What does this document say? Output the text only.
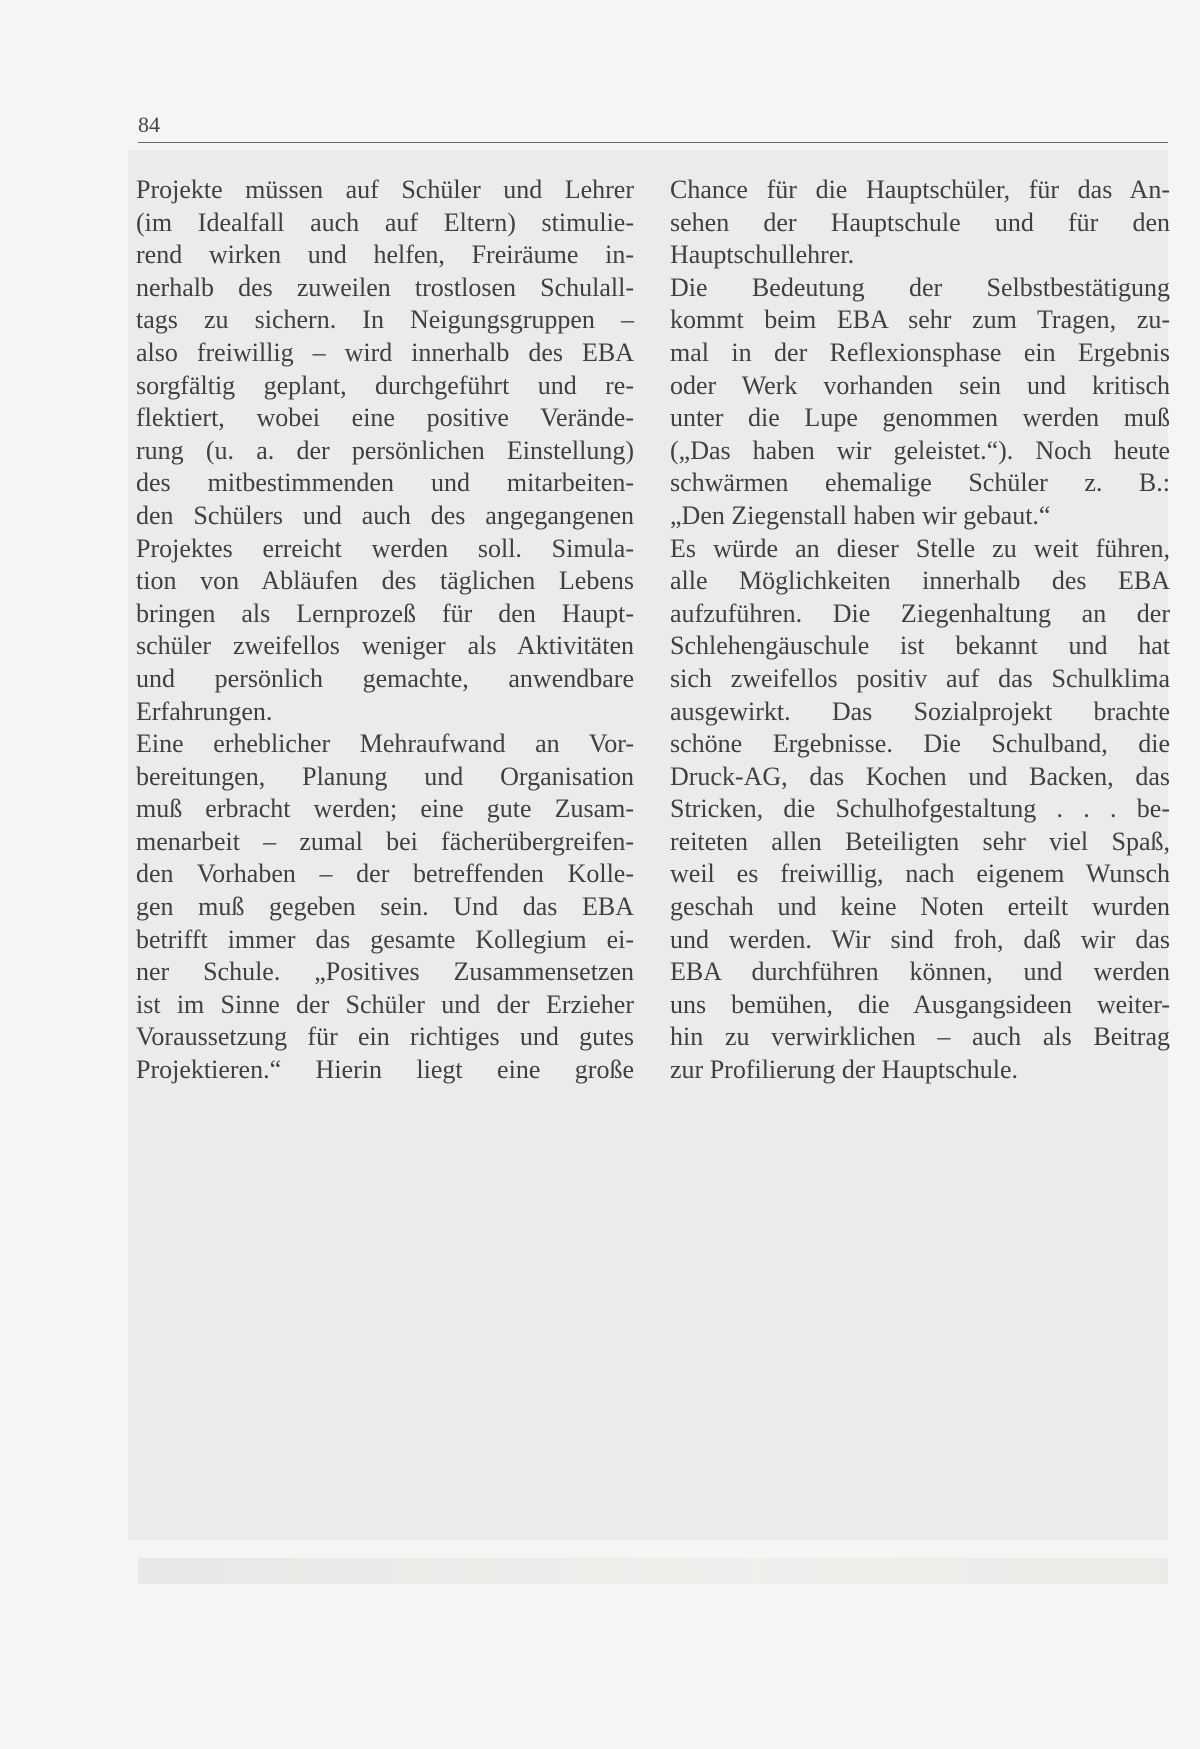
84
Projekte müssen auf Schüler und Lehrer
(im Idealfall auch auf Eltern) stimulie-
rend wirken und helfen, Freiräume in-
nerhalb des zuweilen trostlosen Schulall-
tags zu sichern. In Neigungsgruppen –
also freiwillig – wird innerhalb des EBA
sorgfältig geplant, durchgeführt und re-
flektiert, wobei eine positive Verände-
rung (u. a. der persönlichen Einstellung)
des mitbestimmenden und mitarbeiten-
den Schülers und auch des angegangenen
Projektes erreicht werden soll. Simula-
tion von Abläufen des täglichen Lebens
bringen als Lernprozeß für den Haupt-
schüler zweifellos weniger als Aktivitäten
und persönlich gemachte, anwendbare
Erfahrungen.
Eine erheblicher Mehraufwand an Vor-
bereitungen, Planung und Organisation
muß erbracht werden; eine gute Zusam-
menarbeit – zumal bei fächerübergreifen-
den Vorhaben – der betreffenden Kolle-
gen muß gegeben sein. Und das EBA
betrifft immer das gesamte Kollegium ei-
ner Schule. „Positives Zusammensetzen
ist im Sinne der Schüler und der Erzieher
Voraussetzung für ein richtiges und gutes
Projektieren.“ Hierin liegt eine große
Chance für die Hauptschüler, für das An-
sehen der Hauptschule und für den
Hauptschullehrer.
Die Bedeutung der Selbstbestätigung
kommt beim EBA sehr zum Tragen, zu-
mal in der Reflexionsphase ein Ergebnis
oder Werk vorhanden sein und kritisch
unter die Lupe genommen werden muß
(„Das haben wir geleistet.“). Noch heute
schwärmen ehemalige Schüler z. B.:
„Den Ziegenstall haben wir gebaut.“
Es würde an dieser Stelle zu weit führen,
alle Möglichkeiten innerhalb des EBA
aufzuführen. Die Ziegenhaltung an der
Schlehengäuschule ist bekannt und hat
sich zweifellos positiv auf das Schulklima
ausgewirkt. Das Sozialprojekt brachte
schöne Ergebnisse. Die Schulband, die
Druck-AG, das Kochen und Backen, das
Stricken, die Schulhofgestaltung . . . be-
reiteten allen Beteiligten sehr viel Spaß,
weil es freiwillig, nach eigenem Wunsch
geschah und keine Noten erteilt wurden
und werden. Wir sind froh, daß wir das
EBA durchführen können, und werden
uns bemühen, die Ausgangsideen weiter-
hin zu verwirklichen – auch als Beitrag
zur Profilierung der Hauptschule.
